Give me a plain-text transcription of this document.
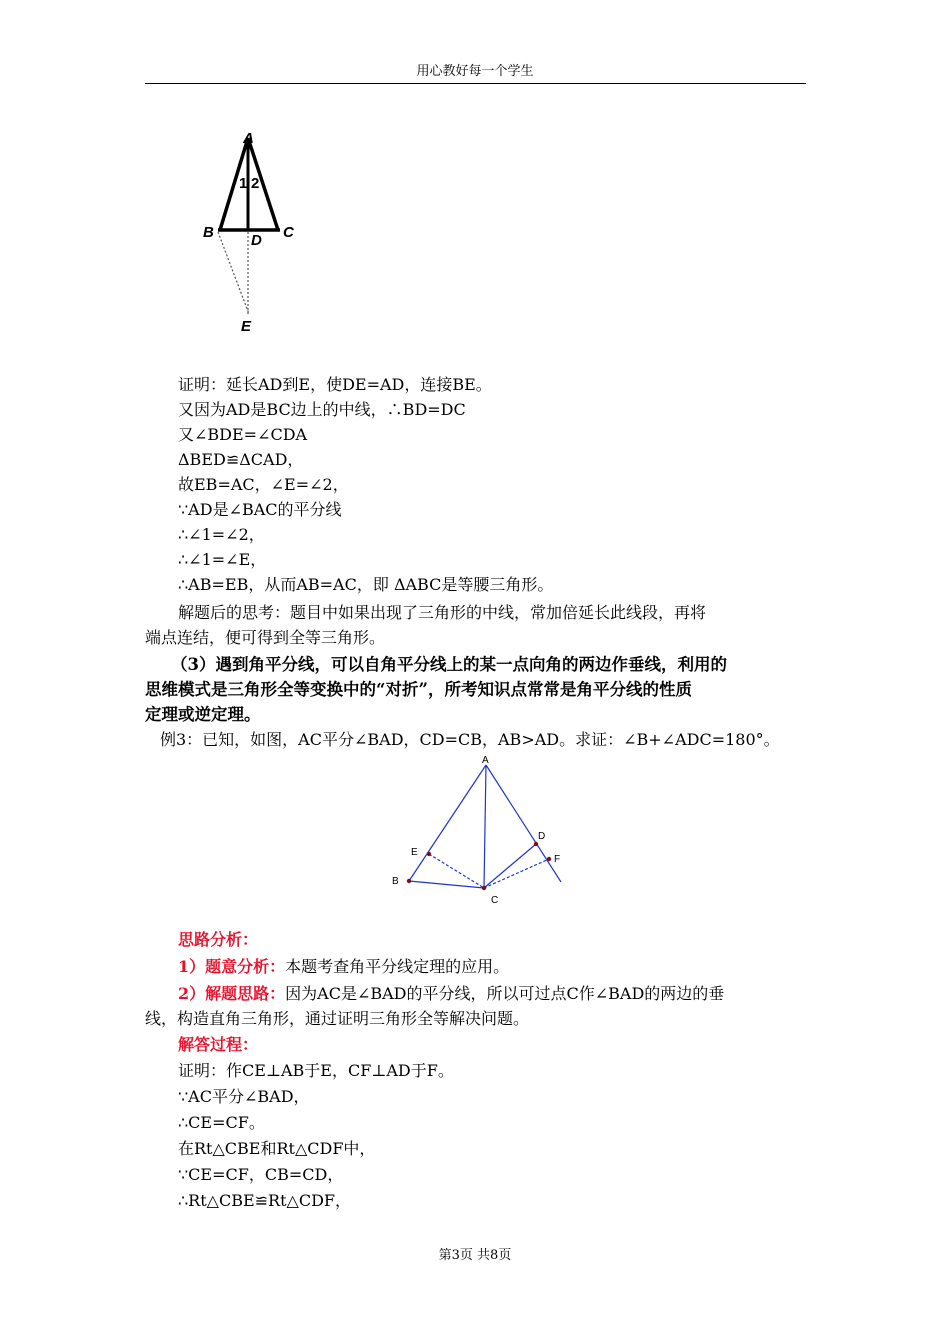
用心教好每一个学生
A
1 2
B	C
D
E
证明：延长AD到E，使DE=AD，连接BE。
又因为AD是BC边上的中线，∴BD=DC
又∠BDE=∠CDA
ΔBED≌ΔCAD，
故EB=AC，∠E=∠2，
∵AD是∠BAC的平分线
∴∠1=∠2，
∴∠1=∠E，
∴AB=EB，从而AB=AC，即 ΔABC是等腰三角形。
解题后的思考：题目中如果出现了三角形的中线，常加倍延长此线段，再将
端点连结，便可得到全等三角形。
（3）遇到角平分线，可以自角平分线上的某一点向角的两边作垂线，利用的
思维模式是三角形全等变换中的“对折”，所考知识点常常是角平分线的性质
定理或逆定理。
例3：已知，如图，AC平分∠BAD，CD=CB，AB>AD。求证：∠B+∠ADC=180°。
A
B
C
D
E
F
思路分析：
1）题意分析：本题考查角平分线定理的应用。
2）解题思路：因为AC是∠BAD的平分线，所以可过点C作∠BAD的两边的垂
线，构造直角三角形，通过证明三角形全等解决问题。
解答过程：
证明：作CE⊥AB于E，CF⊥AD于F。
∵AC平分∠BAD，
∴CE=CF。
在Rt△CBE和Rt△CDF中，
∵CE=CF，CB=CD，
∴Rt△CBE≌Rt△CDF，
第3页 共8页
